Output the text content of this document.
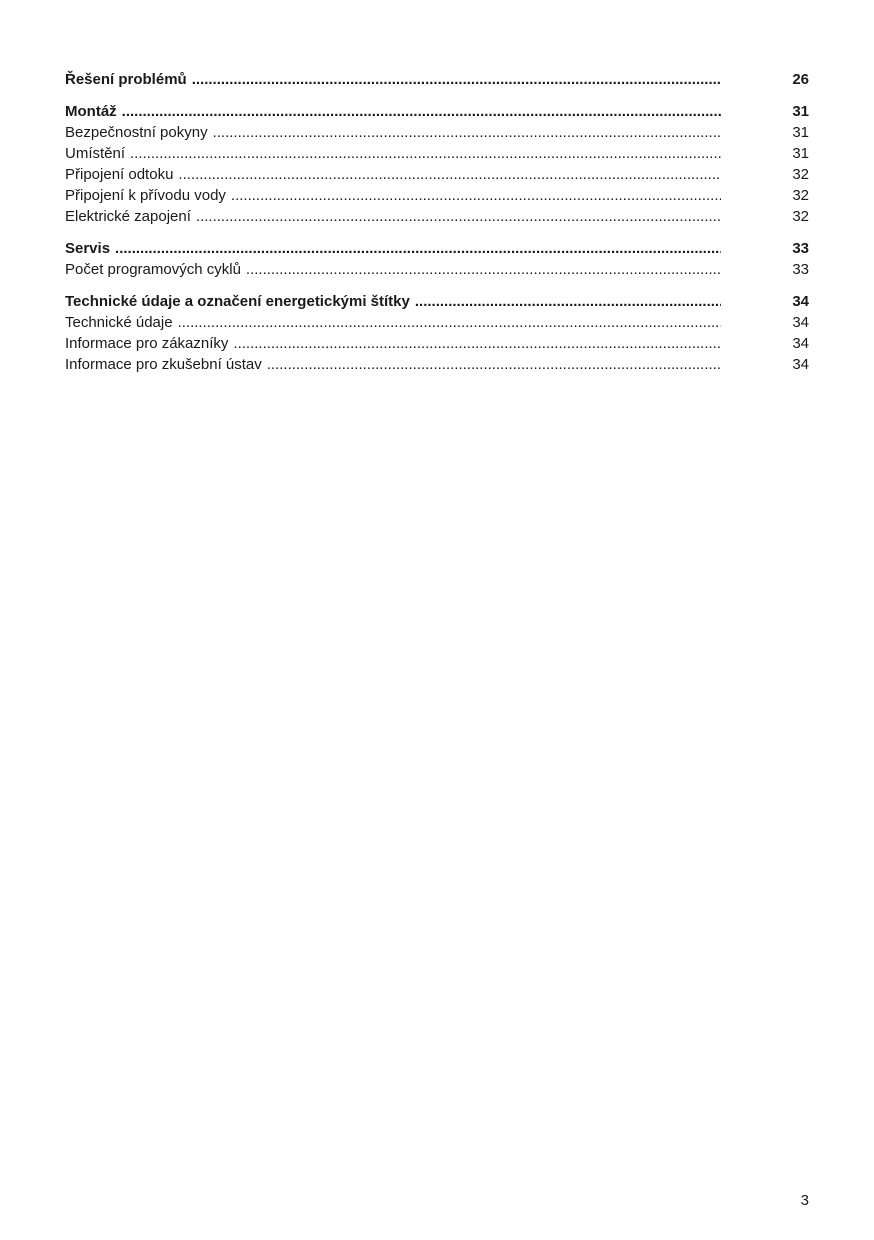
Řešení problémů .....	26
Montáž .....	31
Bezpečnostní pokyny .....	31
Umístění .....	31
Připojení odtoku .....	32
Připojení k přívodu vody .....	32
Elektrické zapojení .....	32
Servis .....	33
Počet programových cyklů .....	33
Technické údaje a označení energetickými štítky .....	34
Technické údaje .....	34
Informace pro zákazníky .....	34
Informace pro zkušební ústav .....	34
3
